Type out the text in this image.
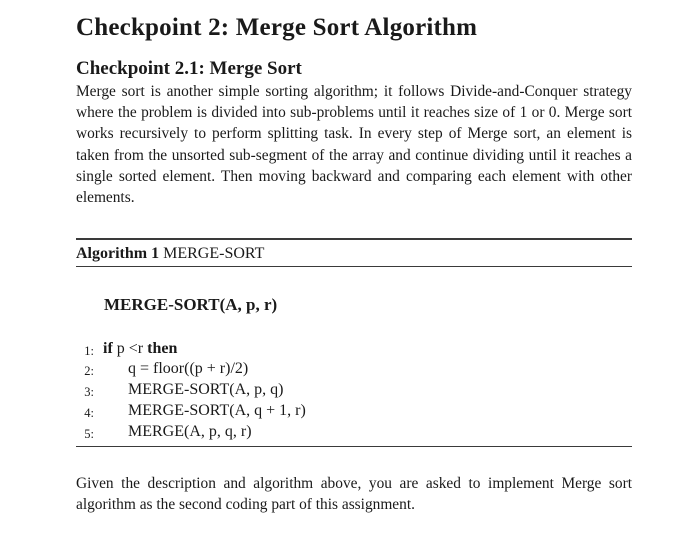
Checkpoint 2: Merge Sort Algorithm
Checkpoint 2.1: Merge Sort

Merge sort is another simple sorting algorithm; it follows Divide-and-Conquer strategy where the problem is divided into sub-problems until it reaches size of 1 or 0. Merge sort works recursively to perform splitting task. In every step of Merge sort, an element is taken from the unsorted sub-segment of the array and continue dividing until it reaches a single sorted element. Then moving backward and comparing each element with other elements.

Algorithm 1 MERGE-SORT
MERGE-SORT(A, p, r)
1: if p <r then
2: q = floor((p + r)/2)
3: MERGE-SORT(A, p, q)
4: MERGE-SORT(A, q + 1, r)
5: MERGE(A, p, q, r)

Given the description and algorithm above, you are asked to implement Merge sort algorithm as the second coding part of this assignment.
